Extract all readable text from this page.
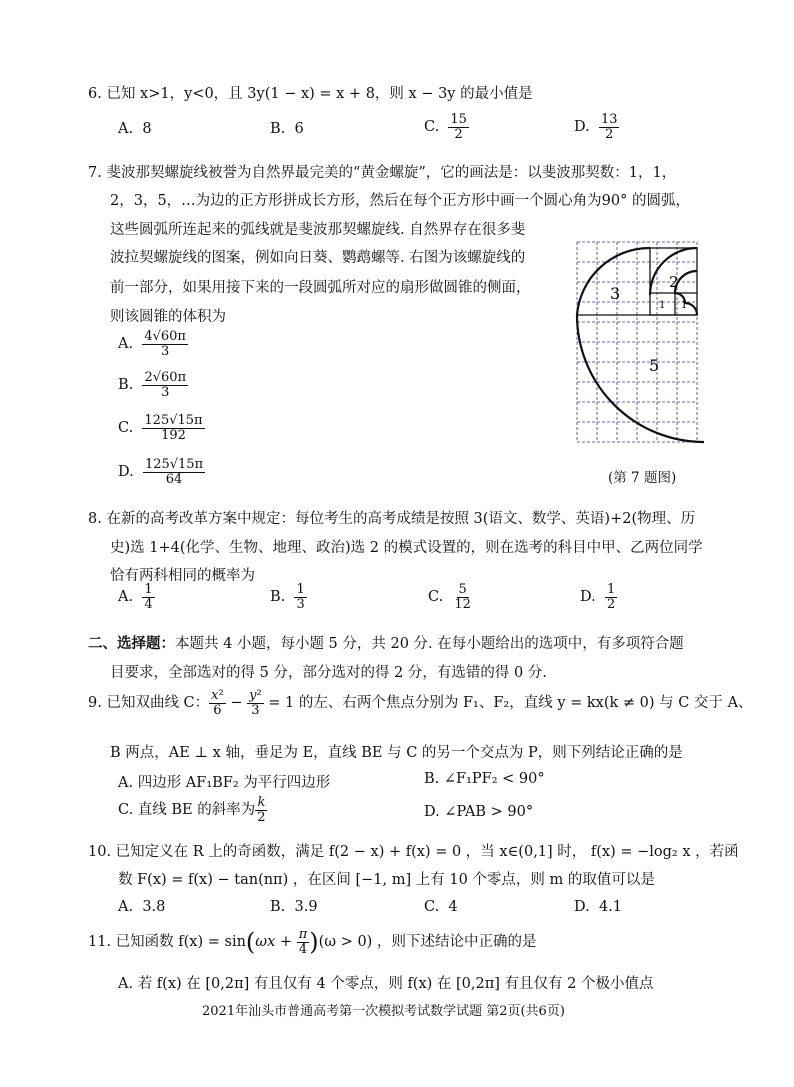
6. 已知 x>1，y<0，且 3y(1 − x) = x + 8，则 x − 3y 的最小值是
A. 8	B. 6	C. $\frac{15}{2}$	D. $\frac{13}{2}$
7. 斐波那契螺旋线被誉为自然界最完美的“黄金螺旋”，它的画法是：以斐波那契数：1，1，
2，3，5，…为边的正方形拼成长方形，然后在每个正方形中画一个圆心角为90° 的圆弧，
这些圆弧所连起来的弧线就是斐波那契螺旋线. 自然界存在很多斐
波拉契螺旋线的图案，例如向日葵、鹦鹉螺等. 右图为该螺旋线的
前一部分，如果用接下来的一段圆弧所对应的扇形做圆锥的侧面，
则该圆锥的体积为
A. $\frac{4√60\pi}{3}$
B. $\frac{2√60\pi}{3}$
C. $\frac{125√15\pi}{192}$
D. $\frac{125√15\pi}{64}$
3
2
1 1
5
(第 7 题图)
8. 在新的高考改革方案中规定：每位考生的高考成绩是按照 3(语文、数学、英语)+2(物理、历
史)选 1+4(化学、生物、地理、政治)选 2 的模式设置的，则在选考的科目中甲、乙两位同学
恰有两科相同的概率为
A. $\frac{1}{4}$	B. $\frac{1}{3}$	C. $\frac{5}{12}$	D. $\frac{1}{2}$
二、选择题：本题共 4 小题，每小题 5 分，共 20 分. 在每小题给出的选项中，有多项符合题
目要求，全部选对的得 5 分，部分选对的得 2 分，有选错的得 0 分.
9. 已知双曲线 C： $\frac{\text{x²}}{6} - \frac{\text{y²}}{3} = 1$ 的左、右两个焦点分别为 F₁、F₂，直线 y = kx(k ≠ 0) 与 C 交于 A、
B 两点，AE ⊥ x 轴，垂足为 E，直线 BE 与 C 的另一个交点为 P，则下列结论正确的是
A. 四边形 AF₁BF₂ 为平行四边形	B. ∠F₁PF₂ < 90°
C. 直线 BE 的斜率为 $\frac{k}{2}$	D. ∠PAB > 90°
10. 已知定义在 R 上的奇函数，满足 f(2 − x) + f(x) = 0 ，当 x∈(0,1] 时， f(x) = −log₂ x ，若函
数 F(x) = f(x) − tan(nπ) ，在区间 [−1, m] 上有 10 个零点，则 m 的取值可以是
A. 3.8	B. 3.9	C. 4	D. 4.1
11. 已知函数 $f(x) = \sin(\omega x + \frac{\pi}{4} )(\omega > 0)$ ，则下述结论中正确的是
A. 若 f(x) 在 [0,2π] 有且仅有 4 个零点，则 f(x) 在 [0,2π] 有且仅有 2 个极小值点
2021年汕头市普通高考第一次模拟考试数学试题 第2页(共6页)
